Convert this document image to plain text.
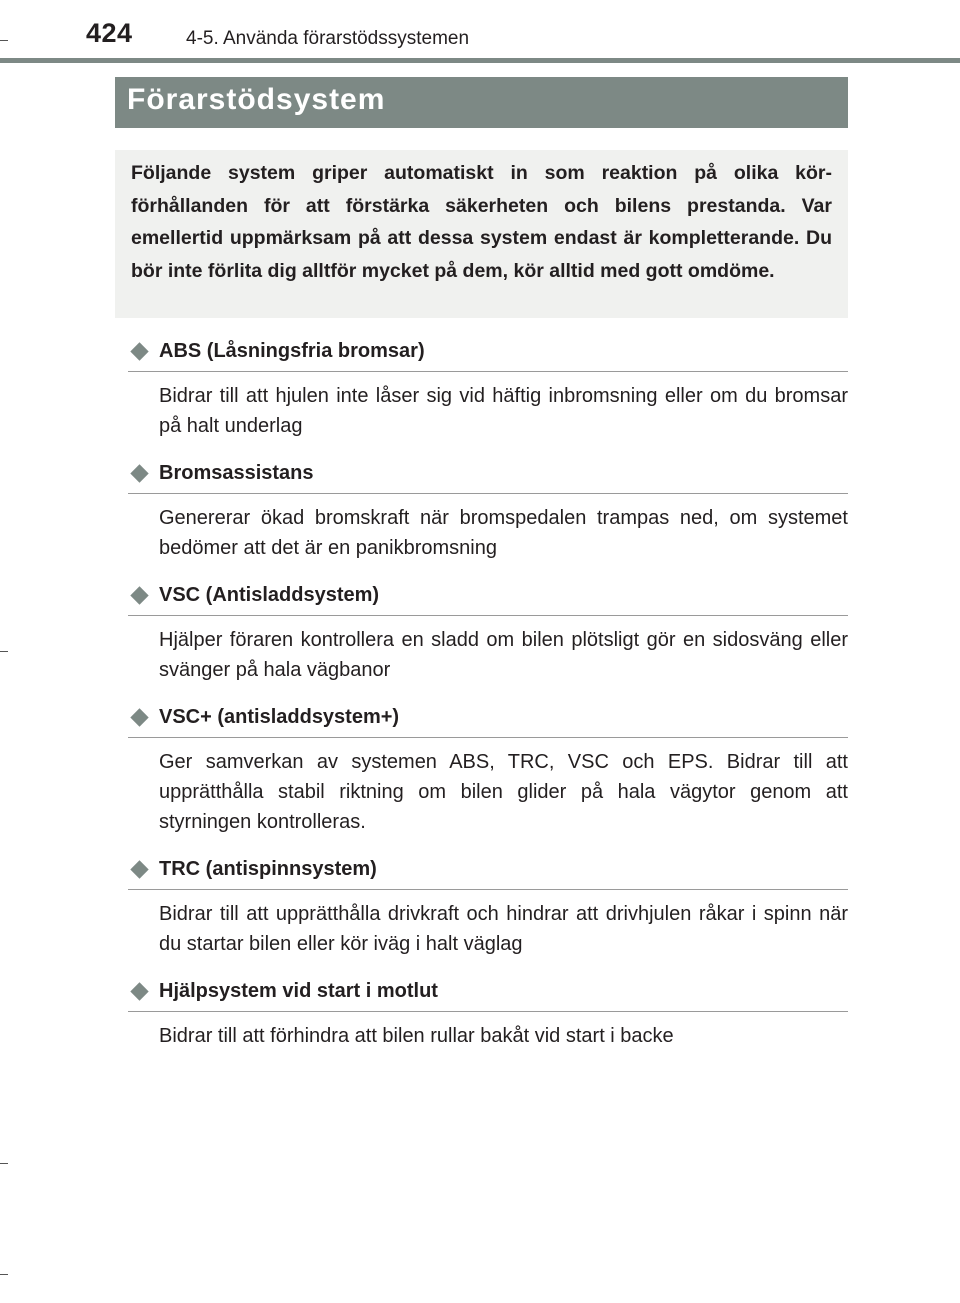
424	4-5. Använda förarstödssystemen
Förarstödsystem

Följande system griper automatiskt in som reaktion på olika körförhållanden för att förstärka säkerheten och bilens prestanda. Var emellertid uppmärksam på att dessa system endast är kompletterande. Du bör inte förlita dig alltför mycket på dem, kör alltid med gott omdöme.

ABS (Låsningsfria bromsar)

Bidrar till att hjulen inte låser sig vid häftig inbromsning eller om du bromsar på halt underlag

Bromsassistans

Genererar ökad bromskraft när bromspedalen trampas ned, om systemet bedömer att det är en panikbromsning

VSC (Antisladdsystem)

Hjälper föraren kontrollera en sladd om bilen plötsligt gör en sidosväng eller svänger på hala vägbanor

VSC+ (antisladdsystem+)

Ger samverkan av systemen ABS, TRC, VSC och EPS. Bidrar till att upprätthålla stabil riktning om bilen glider på hala vägytor genom att styrningen kontrolleras.

TRC (antispinnsystem)

Bidrar till att upprätthålla drivkraft och hindrar att drivhjulen råkar i spinn när du startar bilen eller kör iväg i halt väglag

Hjälpsystem vid start i motlut

Bidrar till att förhindra att bilen rullar bakåt vid start i backe
